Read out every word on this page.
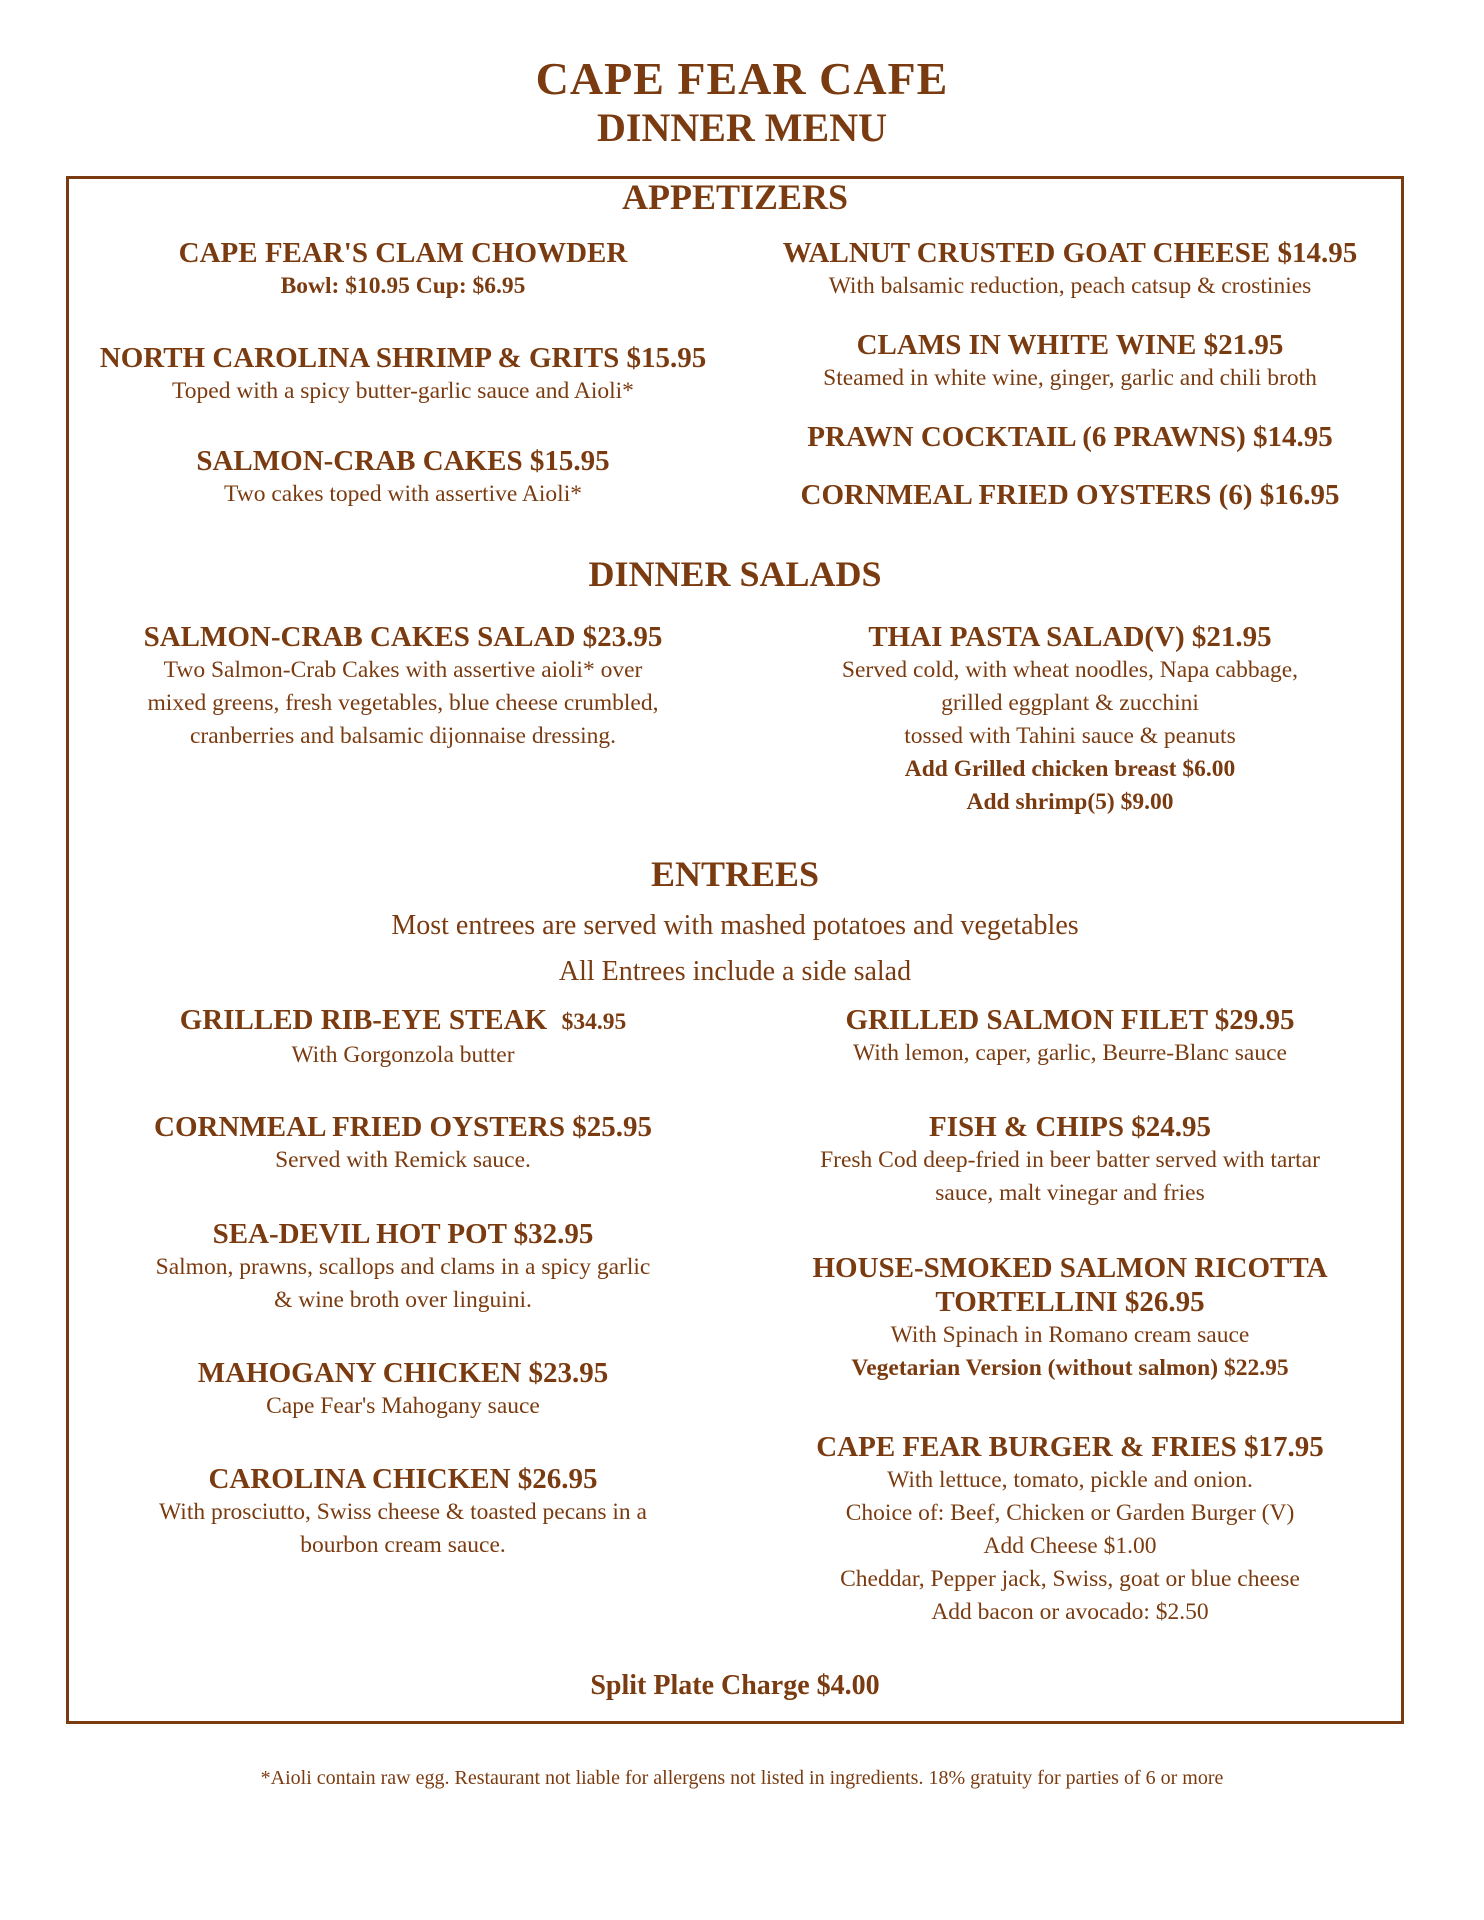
CAPE FEAR CAFE
DINNER MENU
APPETIZERS
CAPE FEAR'S CLAM CHOWDER
Bowl: $10.95 Cup: $6.95
NORTH CAROLINA SHRIMP & GRITS $15.95
Toped with a spicy butter-garlic sauce and Aioli*
SALMON-CRAB CAKES $15.95
Two cakes toped with assertive Aioli*
WALNUT CRUSTED GOAT CHEESE $14.95
With balsamic reduction, peach catsup & crostinies
CLAMS IN WHITE WINE $21.95
Steamed in white wine, ginger, garlic and chili broth
PRAWN COCKTAIL (6 PRAWNS) $14.95
CORNMEAL FRIED OYSTERS (6) $16.95
DINNER SALADS
SALMON-CRAB CAKES SALAD $23.95
Two Salmon-Crab Cakes with assertive aioli* over
mixed greens, fresh vegetables, blue cheese crumbled,
cranberries and balsamic dijonnaise dressing.
THAI PASTA SALAD(V) $21.95
Served cold, with wheat noodles, Napa cabbage,
grilled eggplant & zucchini
tossed with Tahini sauce & peanuts
Add Grilled chicken breast $6.00
Add shrimp(5) $9.00
ENTREES
Most entrees are served with mashed potatoes and vegetables
All Entrees include a side salad
GRILLED RIB-EYE STEAK $34.95
With Gorgonzola butter
CORNMEAL FRIED OYSTERS $25.95
Served with Remick sauce.
SEA-DEVIL HOT POT $32.95
Salmon, prawns, scallops and clams in a spicy garlic
& wine broth over linguini.
MAHOGANY CHICKEN $23.95
Cape Fear's Mahogany sauce
CAROLINA CHICKEN $26.95
With prosciutto, Swiss cheese & toasted pecans in a
bourbon cream sauce.
GRILLED SALMON FILET $29.95
With lemon, caper, garlic, Beurre-Blanc sauce
FISH & CHIPS $24.95
Fresh Cod deep-fried in beer batter served with tartar
sauce, malt vinegar and fries
HOUSE-SMOKED SALMON RICOTTA
TORTELLINI $26.95
With Spinach in Romano cream sauce
Vegetarian Version (without salmon) $22.95
CAPE FEAR BURGER & FRIES $17.95
With lettuce, tomato, pickle and onion.
Choice of: Beef, Chicken or Garden Burger (V)
Add Cheese $1.00
Cheddar, Pepper jack, Swiss, goat or blue cheese
Add bacon or avocado: $2.50
Split Plate Charge $4.00
*Aioli contain raw egg. Restaurant not liable for allergens not listed in ingredients. 18% gratuity for parties of 6 or more
